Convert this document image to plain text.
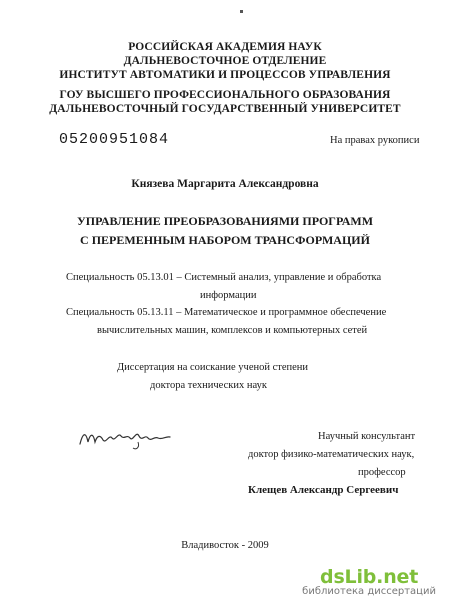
РОССИЙСКАЯ АКАДЕМИЯ НАУК
ДАЛЬНЕВОСТОЧНОЕ ОТДЕЛЕНИЕ
ИНСТИТУТ АВТОМАТИКИ И ПРОЦЕССОВ УПРАВЛЕНИЯ
ГОУ ВЫСШЕГО ПРОФЕССИОНАЛЬНОГО ОБРАЗОВАНИЯ
ДАЛЬНЕВОСТОЧНЫЙ ГОСУДАРСТВЕННЫЙ УНИВЕРСИТЕТ
05200951084	На правах рукописи
Князева Маргарита Александровна
УПРАВЛЕНИЕ ПРЕОБРАЗОВАНИЯМИ ПРОГРАММ
С ПЕРЕМЕННЫМ НАБОРОМ ТРАНСФОРМАЦИЙ
Специальность 05.13.01 – Системный анализ, управление и обработка
информации
Специальность 05.13.11 – Математическое и программное обеспечение
вычислительных машин, комплексов и компьютерных сетей
Диссертация на соискание ученой степени
доктора технических наук
Научный консультант
доктор физико-математических наук,
профессор
Клещев Александр Сергеевич
Владивосток - 2009
dsLib.net
библиотека диссертаций
